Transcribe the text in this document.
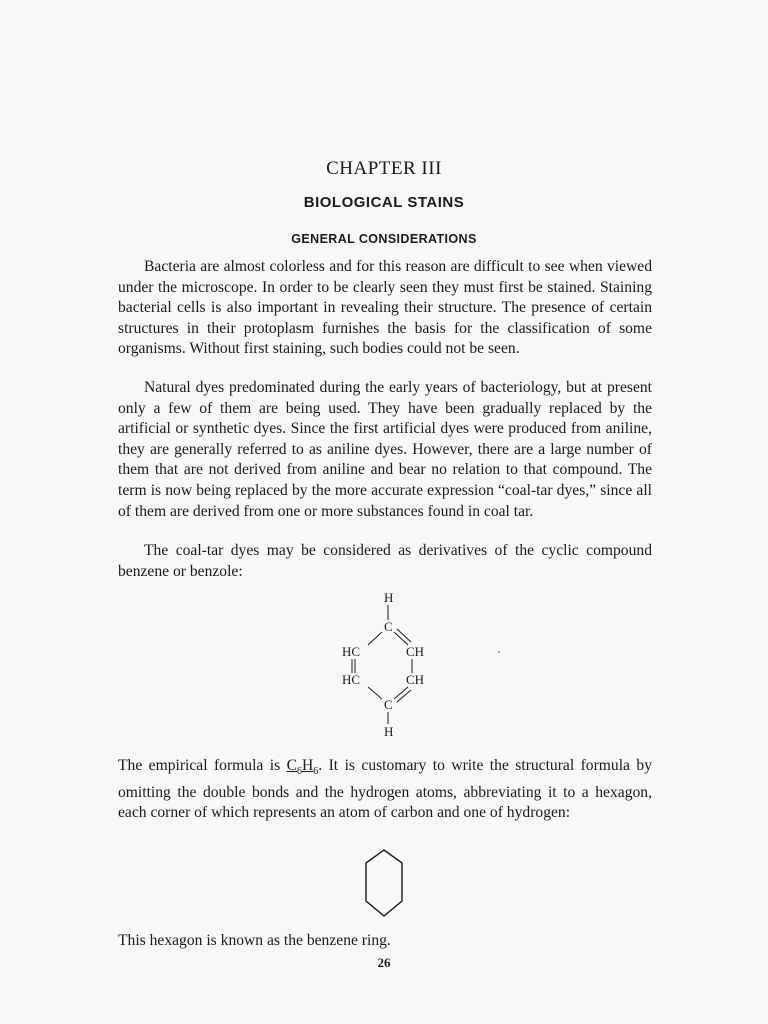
CHAPTER III
BIOLOGICAL STAINS
GENERAL CONSIDERATIONS

Bacteria are almost colorless and for this reason are difficult to see when viewed under the microscope. In order to be clearly seen they must first be stained. Staining bacterial cells is also important in revealing their structure. The presence of certain structures in their protoplasm furnishes the basis for the classification of some organisms. Without first staining, such bodies could not be seen.

Natural dyes predominated during the early years of bacteriology, but at present only a few of them are being used. They have been gradually replaced by the artificial or synthetic dyes. Since the first artificial dyes were produced from aniline, they are generally referred to as aniline dyes. However, there are a large number of them that are not derived from aniline and bear no relation to that compound. The term is now being replaced by the more accurate expression “coal-tar dyes,” since all of them are derived from one or more substances found in coal tar.

The coal-tar dyes may be considered as derivatives of the cyclic compound benzene or benzole:

H
C
HC	CH
HC	CH
C
H

The empirical formula is $C_6H_6$. It is customary to write the structural formula by omitting the double bonds and the hydrogen atoms, abbreviating it to a hexagon, each corner of which represents an atom of carbon and one of hydrogen:

This hexagon is known as the benzene ring.

26
